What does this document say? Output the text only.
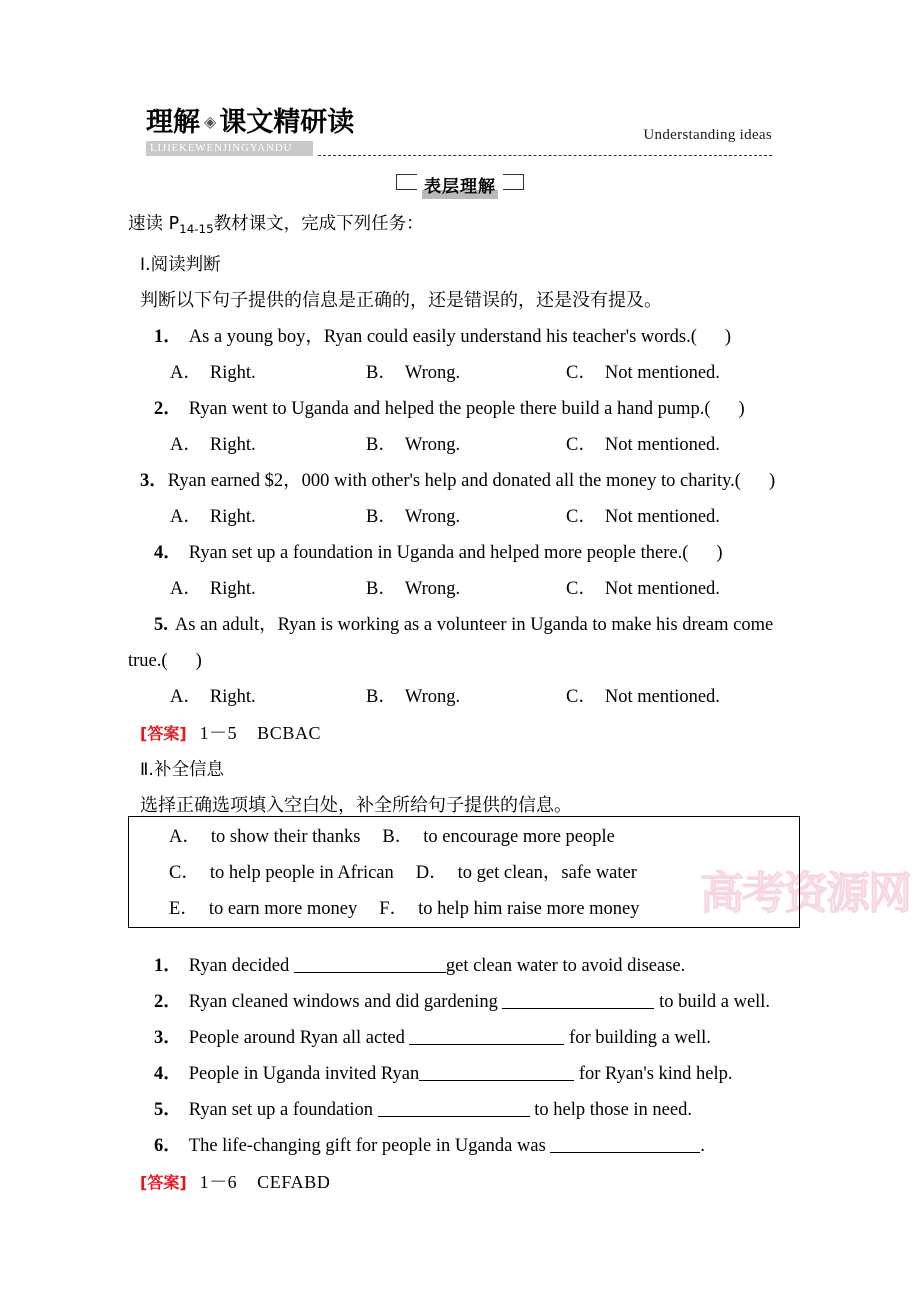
理解 ◈ 课文精研读
LIJIEKEWENJINGYANDU
Understanding ideas
表层理解
速读 $P_{14-15}$教材课文，完成下列任务：
Ⅰ.阅读判断
判断以下句子提供的信息是正确的，还是错误的，还是没有提及。
1． As a young boy，Ryan could easily understand his teacher's words.( )
A． Right.	B． Wrong.	C． Not mentioned.
2． Ryan went to Uganda and helped the people there build a hand pump.( )
A． Right.	B． Wrong.	C． Not mentioned.
3．Ryan earned $2，000 with other's help and donated all the money to charity.( )
A． Right.	B． Wrong.	C． Not mentioned.
4． Ryan set up a foundation in Uganda and helped more people there.( )
A． Right.	B． Wrong.	C． Not mentioned.
5. As an adult，Ryan is working as a volunteer in Uganda to make his dream come
true.( )
A． Right.	B． Wrong.	C． Not mentioned.
[答案] 1－5 BCBAC
Ⅱ.补全信息
选择正确选项填入空白处，补全所给句子提供的信息。
1． Ryan decided	get clean water to avoid disease.
2． Ryan cleaned windows and did gardening	to build a well.
3． People around Ryan all acted	for building a well.
4． People in Uganda invited Ryan	for Ryan's kind help.
5． Ryan set up a foundation	to help those in need.
6． The life-changing gift for people in Uganda was	.
[答案] 1－6 CEFABD
高考资源网
A． to show their thanks B． to encourage more people
C． to help people in African D． to get clean，safe water
E． to earn more money F． to help him raise more money
